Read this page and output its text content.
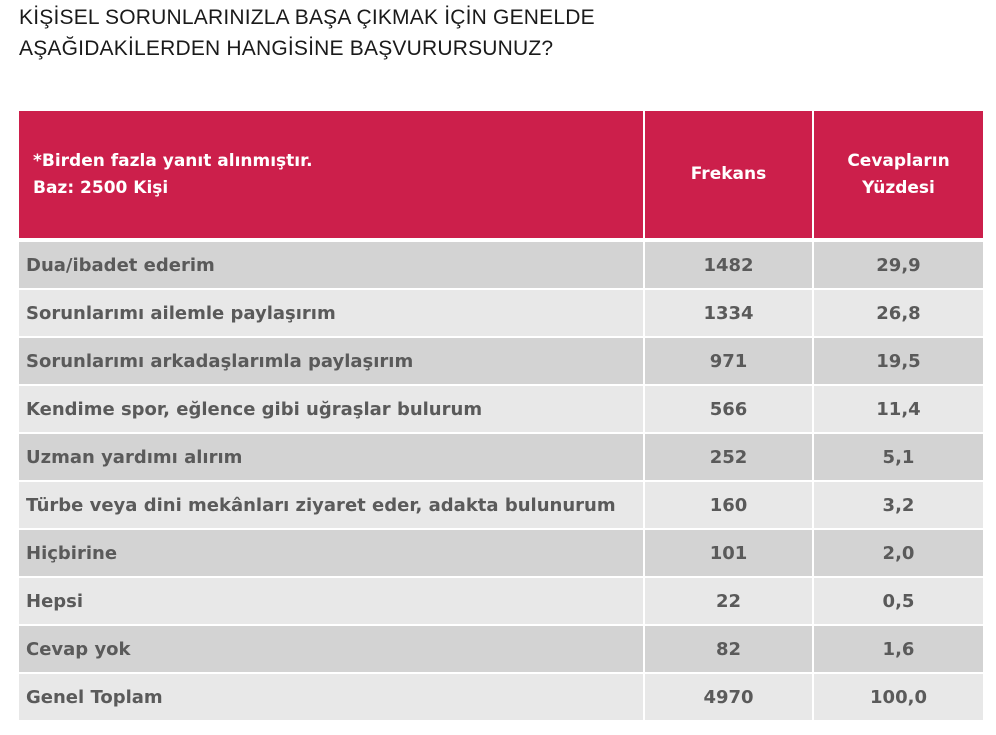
KİŞİSEL SORUNLARINIZLA BAŞA ÇIKMAK İÇİN GENELDE
AŞAĞIDAKİLERDEN HANGİSİNE BAŞVURURSUNUZ?
*Birden fazla yanıt alınmıştır.
Baz: 2500 Kişi	Frekans	Cevapların
Yüzdesi

Dua/ibadet ederim	1482	29,9
Sorunlarımı ailemle paylaşırım	1334	26,8
Sorunlarımı arkadaşlarımla paylaşırım	971	19,5
Kendime spor, eğlence gibi uğraşlar bulurum	566	11,4
Uzman yardımı alırım	252	5,1
Türbe veya dini mekânları ziyaret eder, adakta bulunurum	160	3,2
Hiçbirine	101	2,0
Hepsi	22	0,5
Cevap yok	82	1,6
Genel Toplam	4970	100,0
